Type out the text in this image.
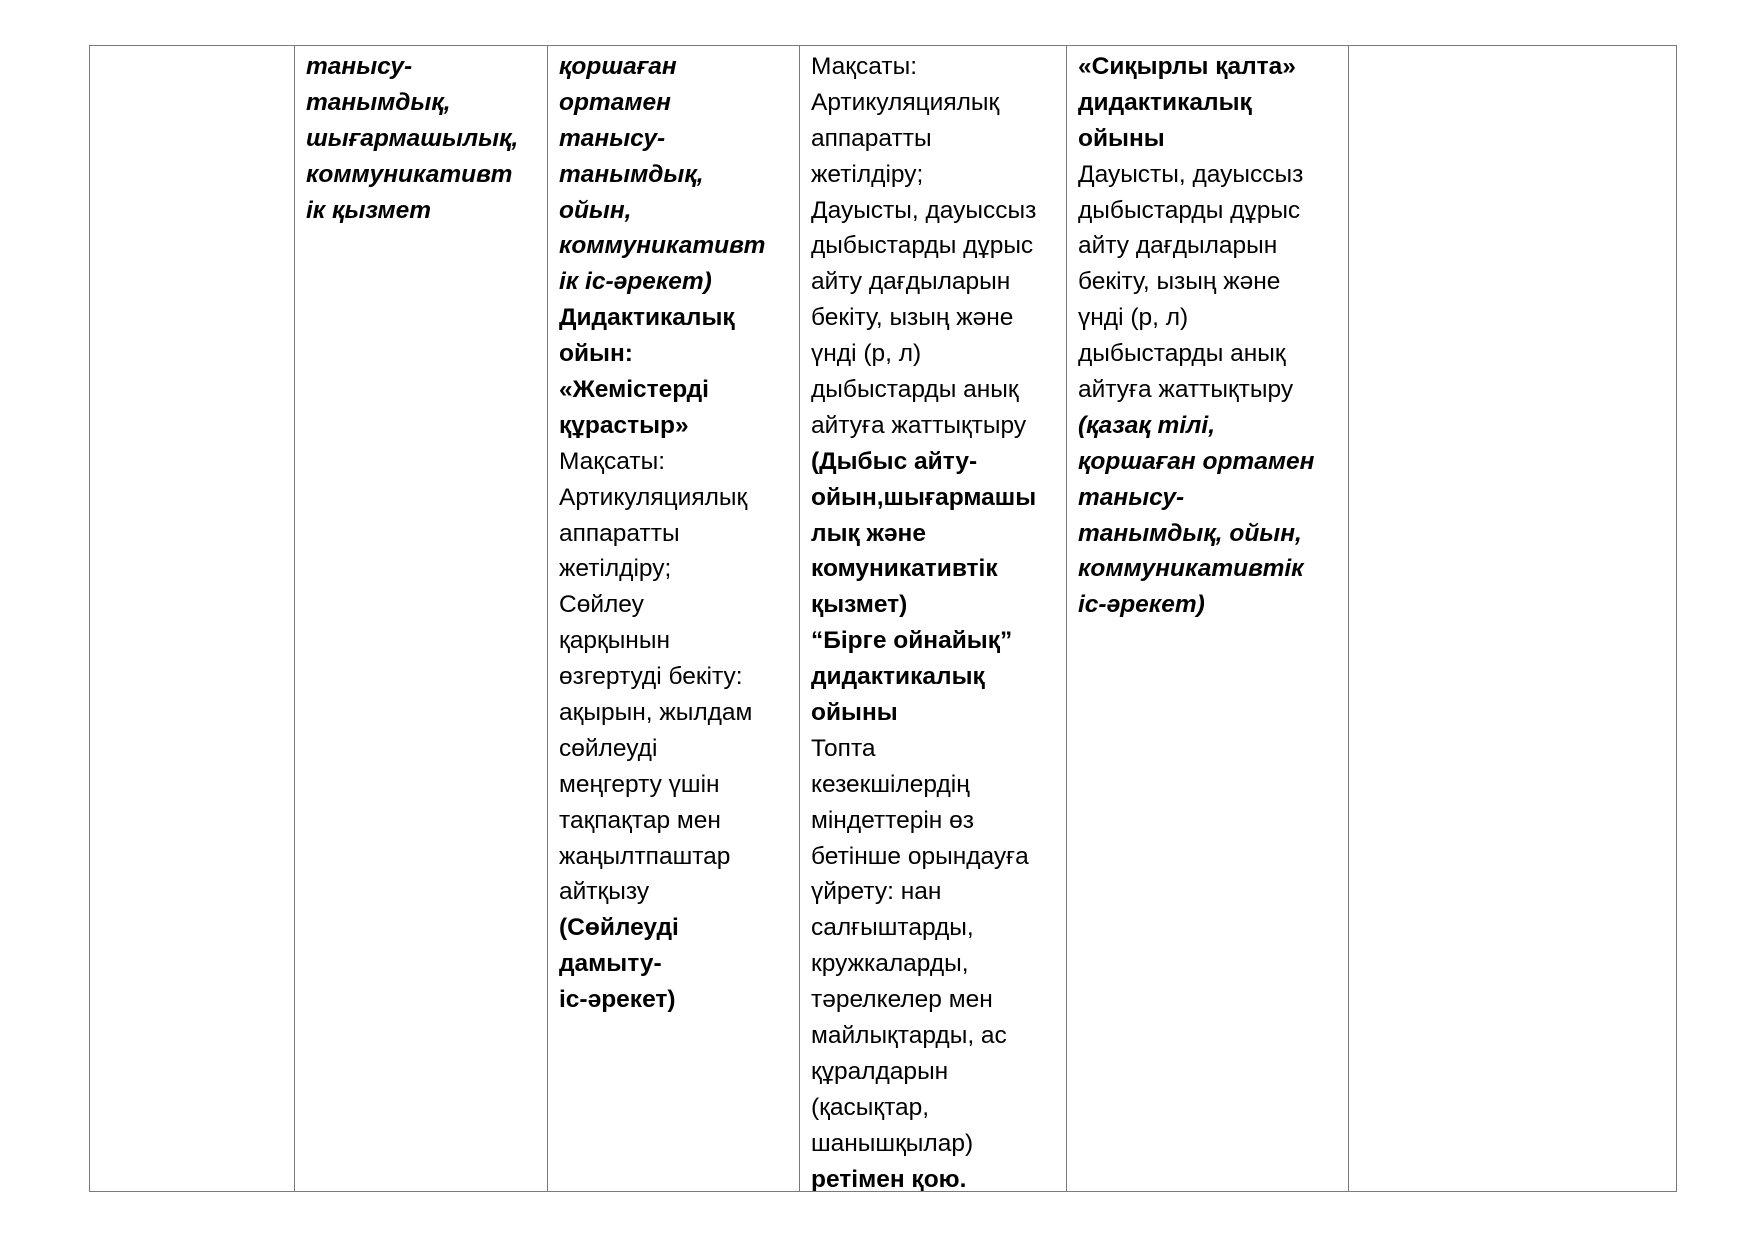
танысу-
танымдық,
шығармашылық,
коммуникативт
ік қызмет
қоршаған
ортамен
танысу-
танымдық,
ойын,
коммуникативт
ік іс-әрекет)
Дидактикалық
ойын:
«Жемістерді
құрастыр»
Мақсаты:
Артикуляциялық
аппаратты
жетілдіру;
Сөйлеу
қарқынын
өзгертуді бекіту:
ақырын, жылдам
сөйлеуді
меңгерту үшін
тақпақтар мен
жаңылтпаштар
айтқызу
(Сөйлеуді
дамыту-
іс-әрекет)
Мақсаты:
Артикуляциялық
аппаратты
жетілдіру;
Дауысты, дауыссыз
дыбыстарды дұрыс
айту дағдыларын
бекіту, ызың және
үнді (р, л)
дыбыстарды анық
айтуға жаттықтыру
(Дыбыс айту-
ойын,шығармашы
лық және
комуникативтік
қызмет)
“Бірге ойнайық”
дидактикалық
ойыны
Топта
кезекшілердің
міндеттерін өз
бетінше орындауға
үйрету: нан
салғыштарды,
кружкаларды,
тәрелкелер мен
майлықтарды, ас
құралдарын
(қасықтар,
шанышқылар)
ретімен қою.
«Сиқырлы қалта»
дидактикалық
ойыны
Дауысты, дауыссыз
дыбыстарды дұрыс
айту дағдыларын
бекіту, ызың және
үнді (р, л)
дыбыстарды анық
айтуға жаттықтыру
(қазақ тілі,
қоршаған ортамен
танысу-
танымдық, ойын,
коммуникативтік
іс-әрекет)
